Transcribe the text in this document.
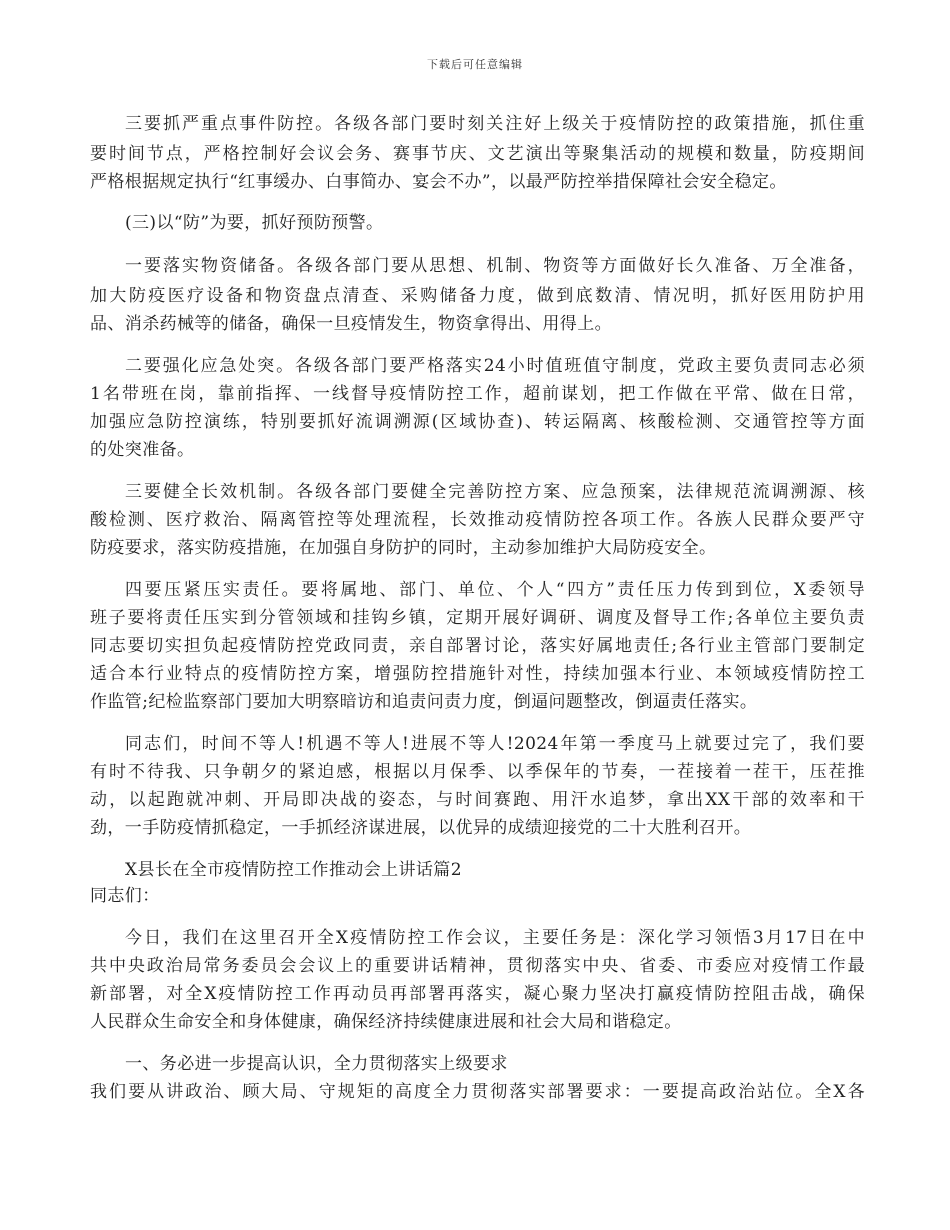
下载后可任意编辑
三要抓严重点事件防控。各级各部门要时刻关注好上级关于疫情防控的政策措施，抓住重
要时间节点，严格控制好会议会务、赛事节庆、文艺演出等聚集活动的规模和数量，防疫期间
严格根据规定执行“红事缓办、白事简办、宴会不办”，以最严防控举措保障社会安全稳定。
(三)以“防”为要，抓好预防预警。
一要落实物资储备。各级各部门要从思想、机制、物资等方面做好长久准备、万全准备，
加大防疫医疗设备和物资盘点清查、采购储备力度，做到底数清、情况明，抓好医用防护用
品、消杀药械等的储备，确保一旦疫情发生，物资拿得出、用得上。
二要强化应急处突。各级各部门要严格落实24小时值班值守制度，党政主要负责同志必须
1名带班在岗，靠前指挥、一线督导疫情防控工作，超前谋划，把工作做在平常、做在日常，
加强应急防控演练，特别要抓好流调溯源(区域协查)、转运隔离、核酸检测、交通管控等方面
的处突准备。
三要健全长效机制。各级各部门要健全完善防控方案、应急预案，法律规范流调溯源、核
酸检测、医疗救治、隔离管控等处理流程，长效推动疫情防控各项工作。各族人民群众要严守
防疫要求，落实防疫措施，在加强自身防护的同时，主动参加维护大局防疫安全。
四要压紧压实责任。要将属地、部门、单位、个人“四方”责任压力传到到位，X委领导
班子要将责任压实到分管领域和挂钩乡镇，定期开展好调研、调度及督导工作;各单位主要负责
同志要切实担负起疫情防控党政同责，亲自部署讨论，落实好属地责任;各行业主管部门要制定
适合本行业特点的疫情防控方案，增强防控措施针对性，持续加强本行业、本领域疫情防控工
作监管;纪检监察部门要加大明察暗访和追责问责力度，倒逼问题整改，倒逼责任落实。
同志们，时间不等人!机遇不等人!进展不等人!2024年第一季度马上就要过完了，我们要
有时不待我、只争朝夕的紧迫感，根据以月保季、以季保年的节奏，一茬接着一茬干，压茬推
动，以起跑就冲刺、开局即决战的姿态，与时间赛跑、用汗水追梦，拿出XX干部的效率和干
劲，一手防疫情抓稳定，一手抓经济谋进展，以优异的成绩迎接党的二十大胜利召开。
X县长在全市疫情防控工作推动会上讲话篇2
同志们：
今日，我们在这里召开全X疫情防控工作会议，主要任务是：深化学习领悟3月17日在中
共中央政治局常务委员会会议上的重要讲话精神，贯彻落实中央、省委、市委应对疫情工作最
新部署，对全X疫情防控工作再动员再部署再落实，凝心聚力坚决打赢疫情防控阻击战，确保
人民群众生命安全和身体健康，确保经济持续健康进展和社会大局和谐稳定。
一、务必进一步提高认识，全力贯彻落实上级要求
我们要从讲政治、顾大局、守规矩的高度全力贯彻落实部署要求：一要提高政治站位。全X各
